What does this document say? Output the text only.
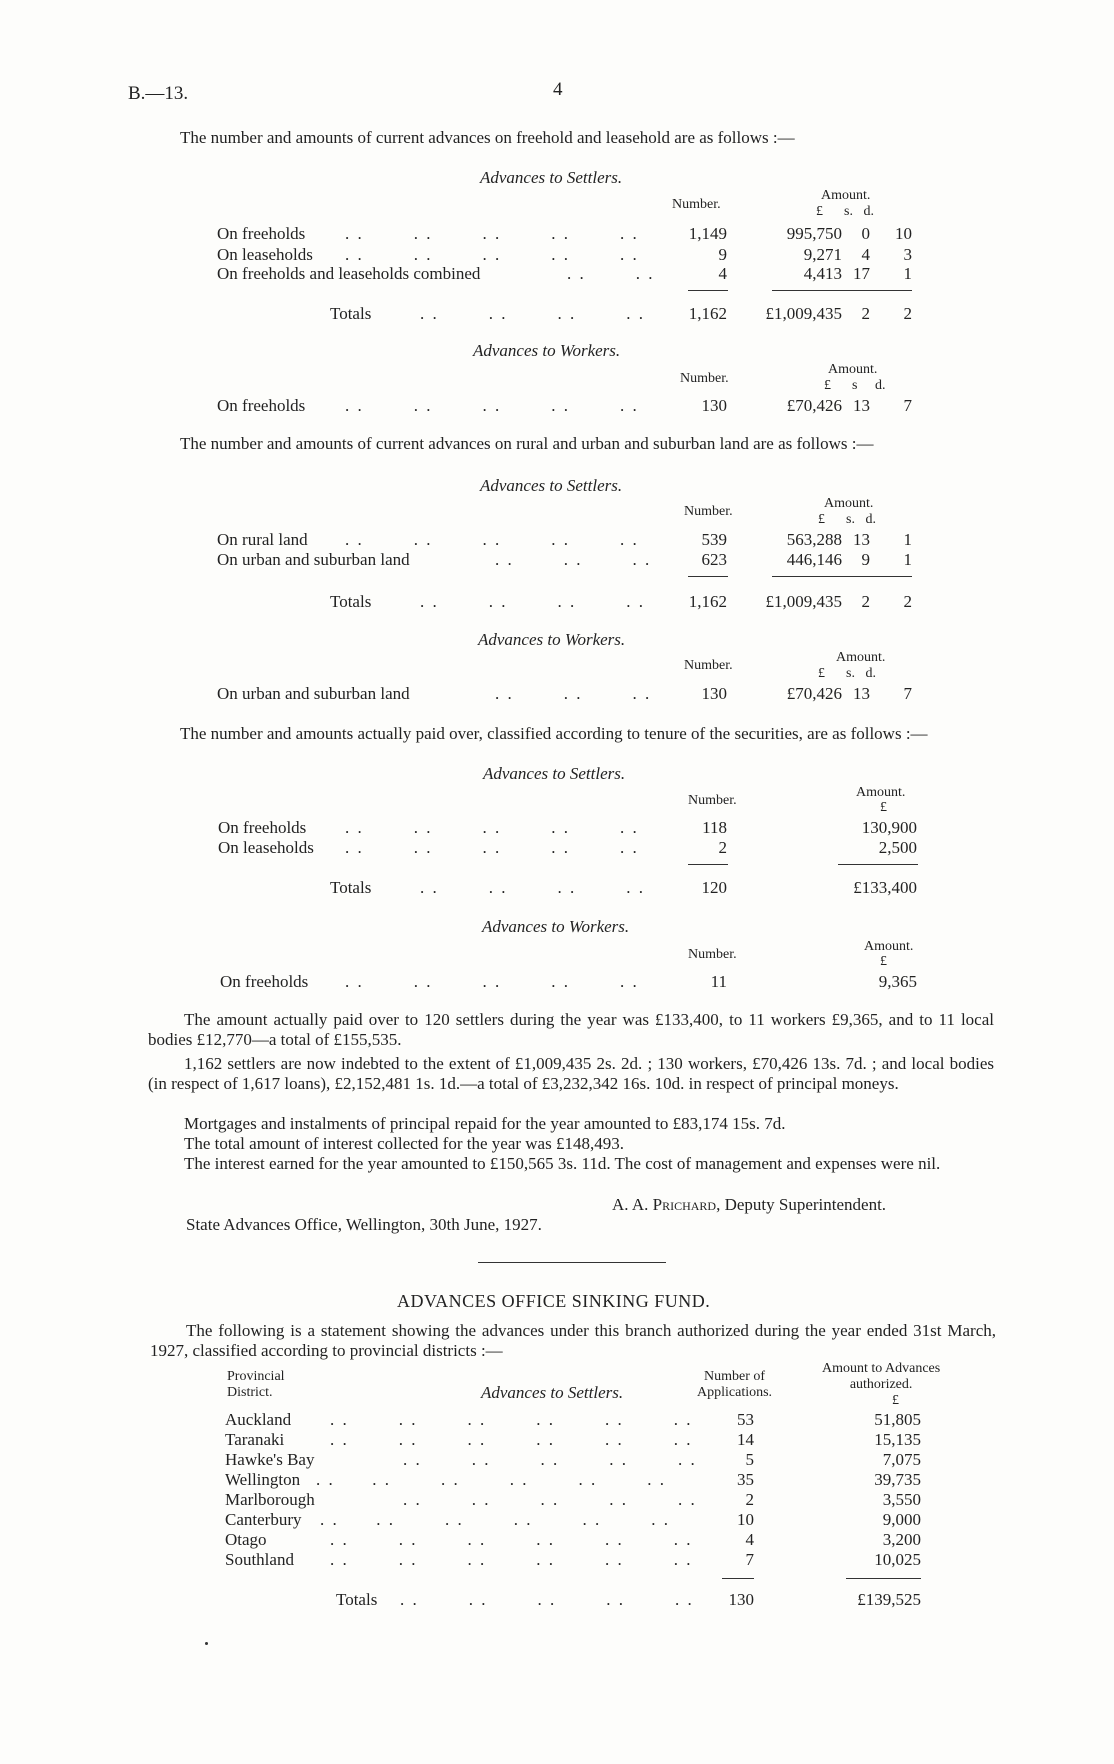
B.—13.	4
The number and amounts of current advances on freehold and leasehold are as follows :—
Advances to Settlers.
Number.
Amount.
£      s.   d.
On freeholds . .        . .        . .        . .        . .	1,149	995,750	0	10
On leaseholds . .        . .        . .        . .        . .	9	9,271	4	3
On freeholds and leaseholds combined	. .        . .	4	4,413 17	1
Totals	. .        . .        . .        . .	1,162	£1,009,435	2	2
Advances to Workers.
Number.
Amount.
£      s     d.
On freeholds . .        . .        . .        . .        . .	130	£70,426 13	7
The number and amounts of current advances on rural and urban and suburban land are as follows :—
Advances to Settlers.
Number.
Amount.
£      s.   d.
On rural land . .        . .        . .        . .        . .	539	563,288 13	1
On urban and suburban land	. .        . .        . .	623	446,146	9	1
Totals	. .        . .        . .        . .	1,162	£1,009,435	2	2
Advances to Workers.
Number.
Amount.
£      s.   d.
On urban and suburban land	. .        . .        . .	130	£70,426 13	7
The number and amounts actually paid over, classified according to tenure of the securities, are as follows :—
Advances to Settlers.
Number.
Amount.
£
On freeholds . .        . .        . .        . .        . .	118	130,900
On leaseholds . .        . .        . .        . .        . .	2	2,500
Totals	. .        . .        . .        . .	120	£133,400
Advances to Workers.
Number.
Amount.
£
On freeholds . .        . .        . .        . .        . .	11	9,365
The amount actually paid over to 120 settlers during the year was £133,400, to 11 workers £9,365, and to 11 local bodies £12,770—a total of £155,535.
1,162 settlers are now indebted to the extent of £1,009,435 2s. 2d. ; 130 workers, £70,426 13s. 7d. ; and local bodies (in respect of 1,617 loans), £2,152,481 1s. 1d.—a total of £3,232,342 16s. 10d. in respect of principal moneys.
Mortgages and instalments of principal repaid for the year amounted to £83,174 15s. 7d.
The total amount of interest collected for the year was £148,493.
The interest earned for the year amounted to £150,565 3s. 11d. The cost of management and expenses were nil.
A. A. Prichard, Deputy Superintendent.
State Advances Office, Wellington, 30th June, 1927.
ADVANCES OFFICE SINKING FUND.
The following is a statement showing the advances under this branch authorized during the year ended 31st March, 1927, classified according to provincial districts :—
Provincial
District.	Advances to Settlers.
Number of
Applications.
Amount to Advances
authorized.
£
Auckland . .        . .        . .        . .        . .        . .	53	51,805
Taranaki	. .        . .        . .        . .        . .        . .	14	15,135
Hawke's Bay	. .        . .        . .        . .        . .	5	7,075
Wellington . .      . .        . .        . .        . .        . .	35	39,735
Marlborough	. .        . .        . .        . .        . .	2	3,550
Canterbury . .      . .        . .        . .        . .        . .	10	9,000
Otago	. .        . .        . .        . .        . .        . .	4	3,200
Southland . .        . .        . .        . .        . .        . .	7	10,025
Totals . .        . .        . .        . .        . .	130	£139,525
